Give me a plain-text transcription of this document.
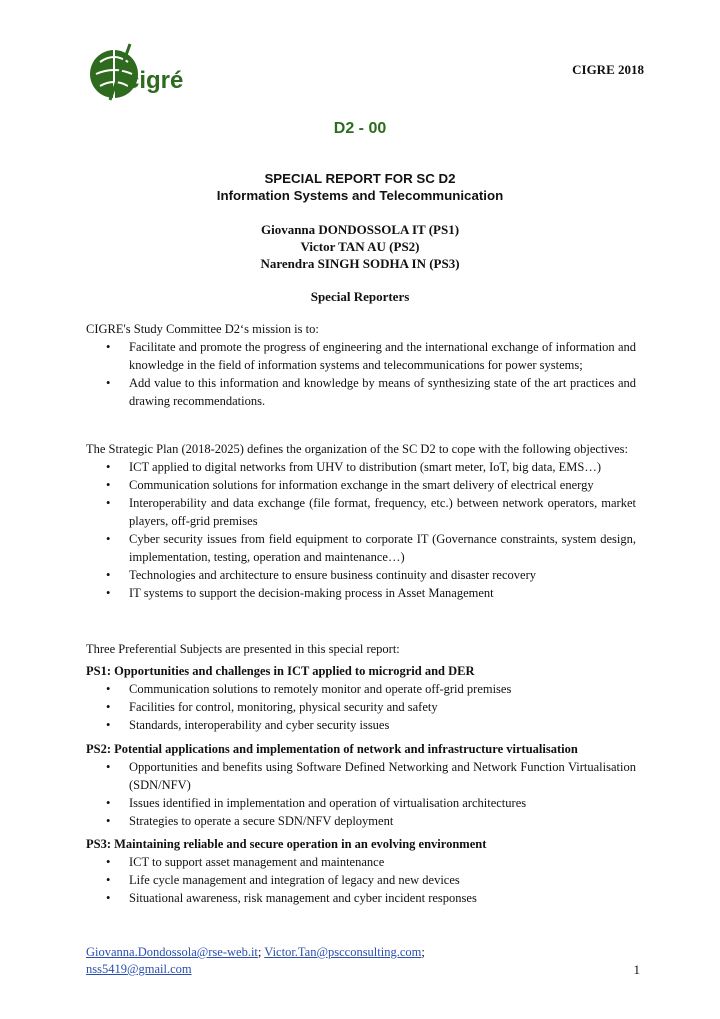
cigré	CIGRE 2018
D2 - 00
SPECIAL REPORT FOR SC D2
Information Systems and Telecommunication
Giovanna DONDOSSOLA IT (PS1)
Victor TAN AU (PS2)
Narendra SINGH SODHA IN (PS3)
Special Reporters
CIGRE's Study Committee D2‘s mission is to:
• Facilitate and promote the progress of engineering and the international exchange of information and knowledge in the field of information systems and telecommunications for power systems;
• Add value to this information and knowledge by means of synthesizing state of the art practices and drawing recommendations.
The Strategic Plan (2018-2025) defines the organization of the SC D2 to cope with the following objectives:
• ICT applied to digital networks from UHV to distribution (smart meter, IoT, big data, EMS…)
• Communication solutions for information exchange in the smart delivery of electrical energy
• Interoperability and data exchange (file format, frequency, etc.) between network operators, market players, off-grid premises
• Cyber security issues from field equipment to corporate IT (Governance constraints, system design, implementation, testing, operation and maintenance…)
• Technologies and architecture to ensure business continuity and disaster recovery
• IT systems to support the decision-making process in Asset Management
Three Preferential Subjects are presented in this special report:
PS1: Opportunities and challenges in ICT applied to microgrid and DER
• Communication solutions to remotely monitor and operate off-grid premises
• Facilities for control, monitoring, physical security and safety
• Standards, interoperability and cyber security issues
PS2: Potential applications and implementation of network and infrastructure virtualisation
• Opportunities and benefits using Software Defined Networking and Network Function Virtualisation (SDN/NFV)
• Issues identified in implementation and operation of virtualisation architectures
• Strategies to operate a secure SDN/NFV deployment
PS3: Maintaining reliable and secure operation in an evolving environment
• ICT to support asset management and maintenance
• Life cycle management and integration of legacy and new devices
• Situational awareness, risk management and cyber incident responses
Giovanna.Dondossola@rse-web.it; Victor.Tan@pscconsulting.com;
nss5419@gmail.com	1
